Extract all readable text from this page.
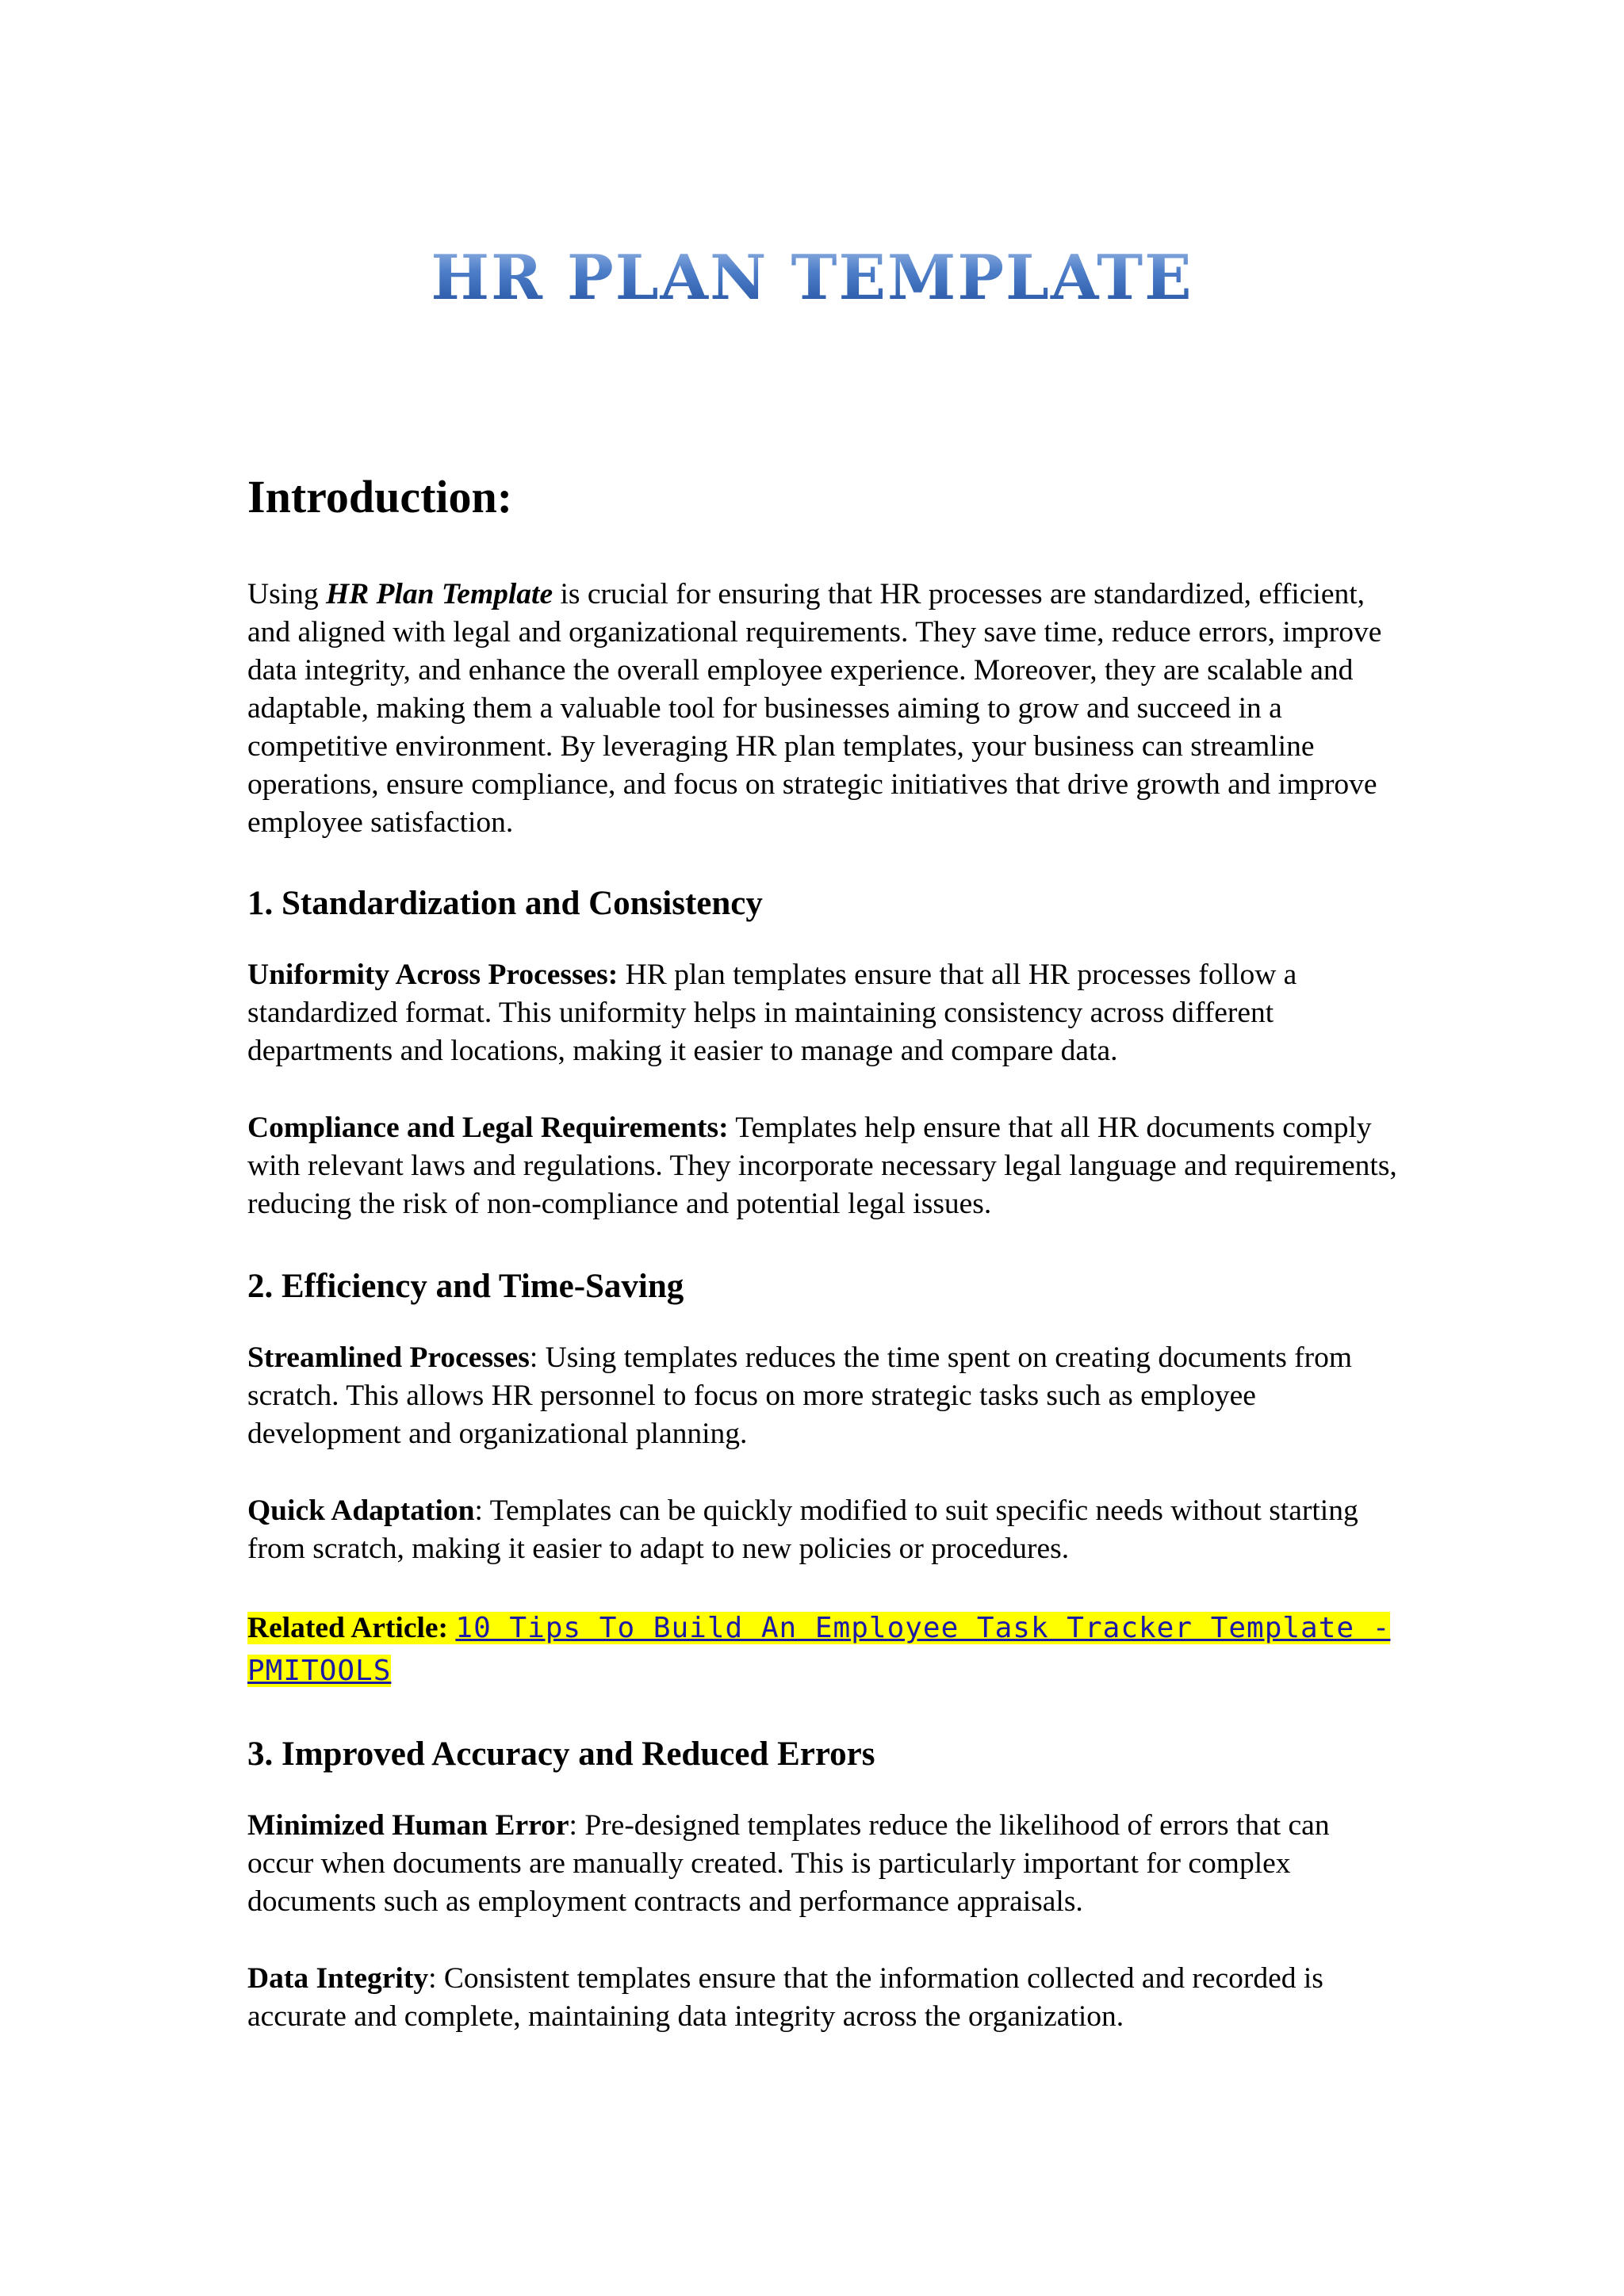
HR PLAN TEMPLATE
Introduction:

Using HR Plan Template is crucial for ensuring that HR processes are standardized, efficient, and aligned with legal and organizational requirements. They save time, reduce errors, improve data integrity, and enhance the overall employee experience. Moreover, they are scalable and adaptable, making them a valuable tool for businesses aiming to grow and succeed in a competitive environment. By leveraging HR plan templates, your business can streamline operations, ensure compliance, and focus on strategic initiatives that drive growth and improve employee satisfaction.

1. Standardization and Consistency

Uniformity Across Processes: HR plan templates ensure that all HR processes follow a standardized format. This uniformity helps in maintaining consistency across different departments and locations, making it easier to manage and compare data.

Compliance and Legal Requirements: Templates help ensure that all HR documents comply with relevant laws and regulations. They incorporate necessary legal language and requirements, reducing the risk of non-compliance and potential legal issues.

2. Efficiency and Time-Saving

Streamlined Processes: Using templates reduces the time spent on creating documents from scratch. This allows HR personnel to focus on more strategic tasks such as employee development and organizational planning.

Quick Adaptation: Templates can be quickly modified to suit specific needs without starting from scratch, making it easier to adapt to new policies or procedures.

Related Article: 10 Tips To Build An Employee Task Tracker Template - PMITOOLS
3. Improved Accuracy and Reduced Errors

Minimized Human Error: Pre-designed templates reduce the likelihood of errors that can occur when documents are manually created. This is particularly important for complex documents such as employment contracts and performance appraisals.

Data Integrity: Consistent templates ensure that the information collected and recorded is accurate and complete, maintaining data integrity across the organization.
